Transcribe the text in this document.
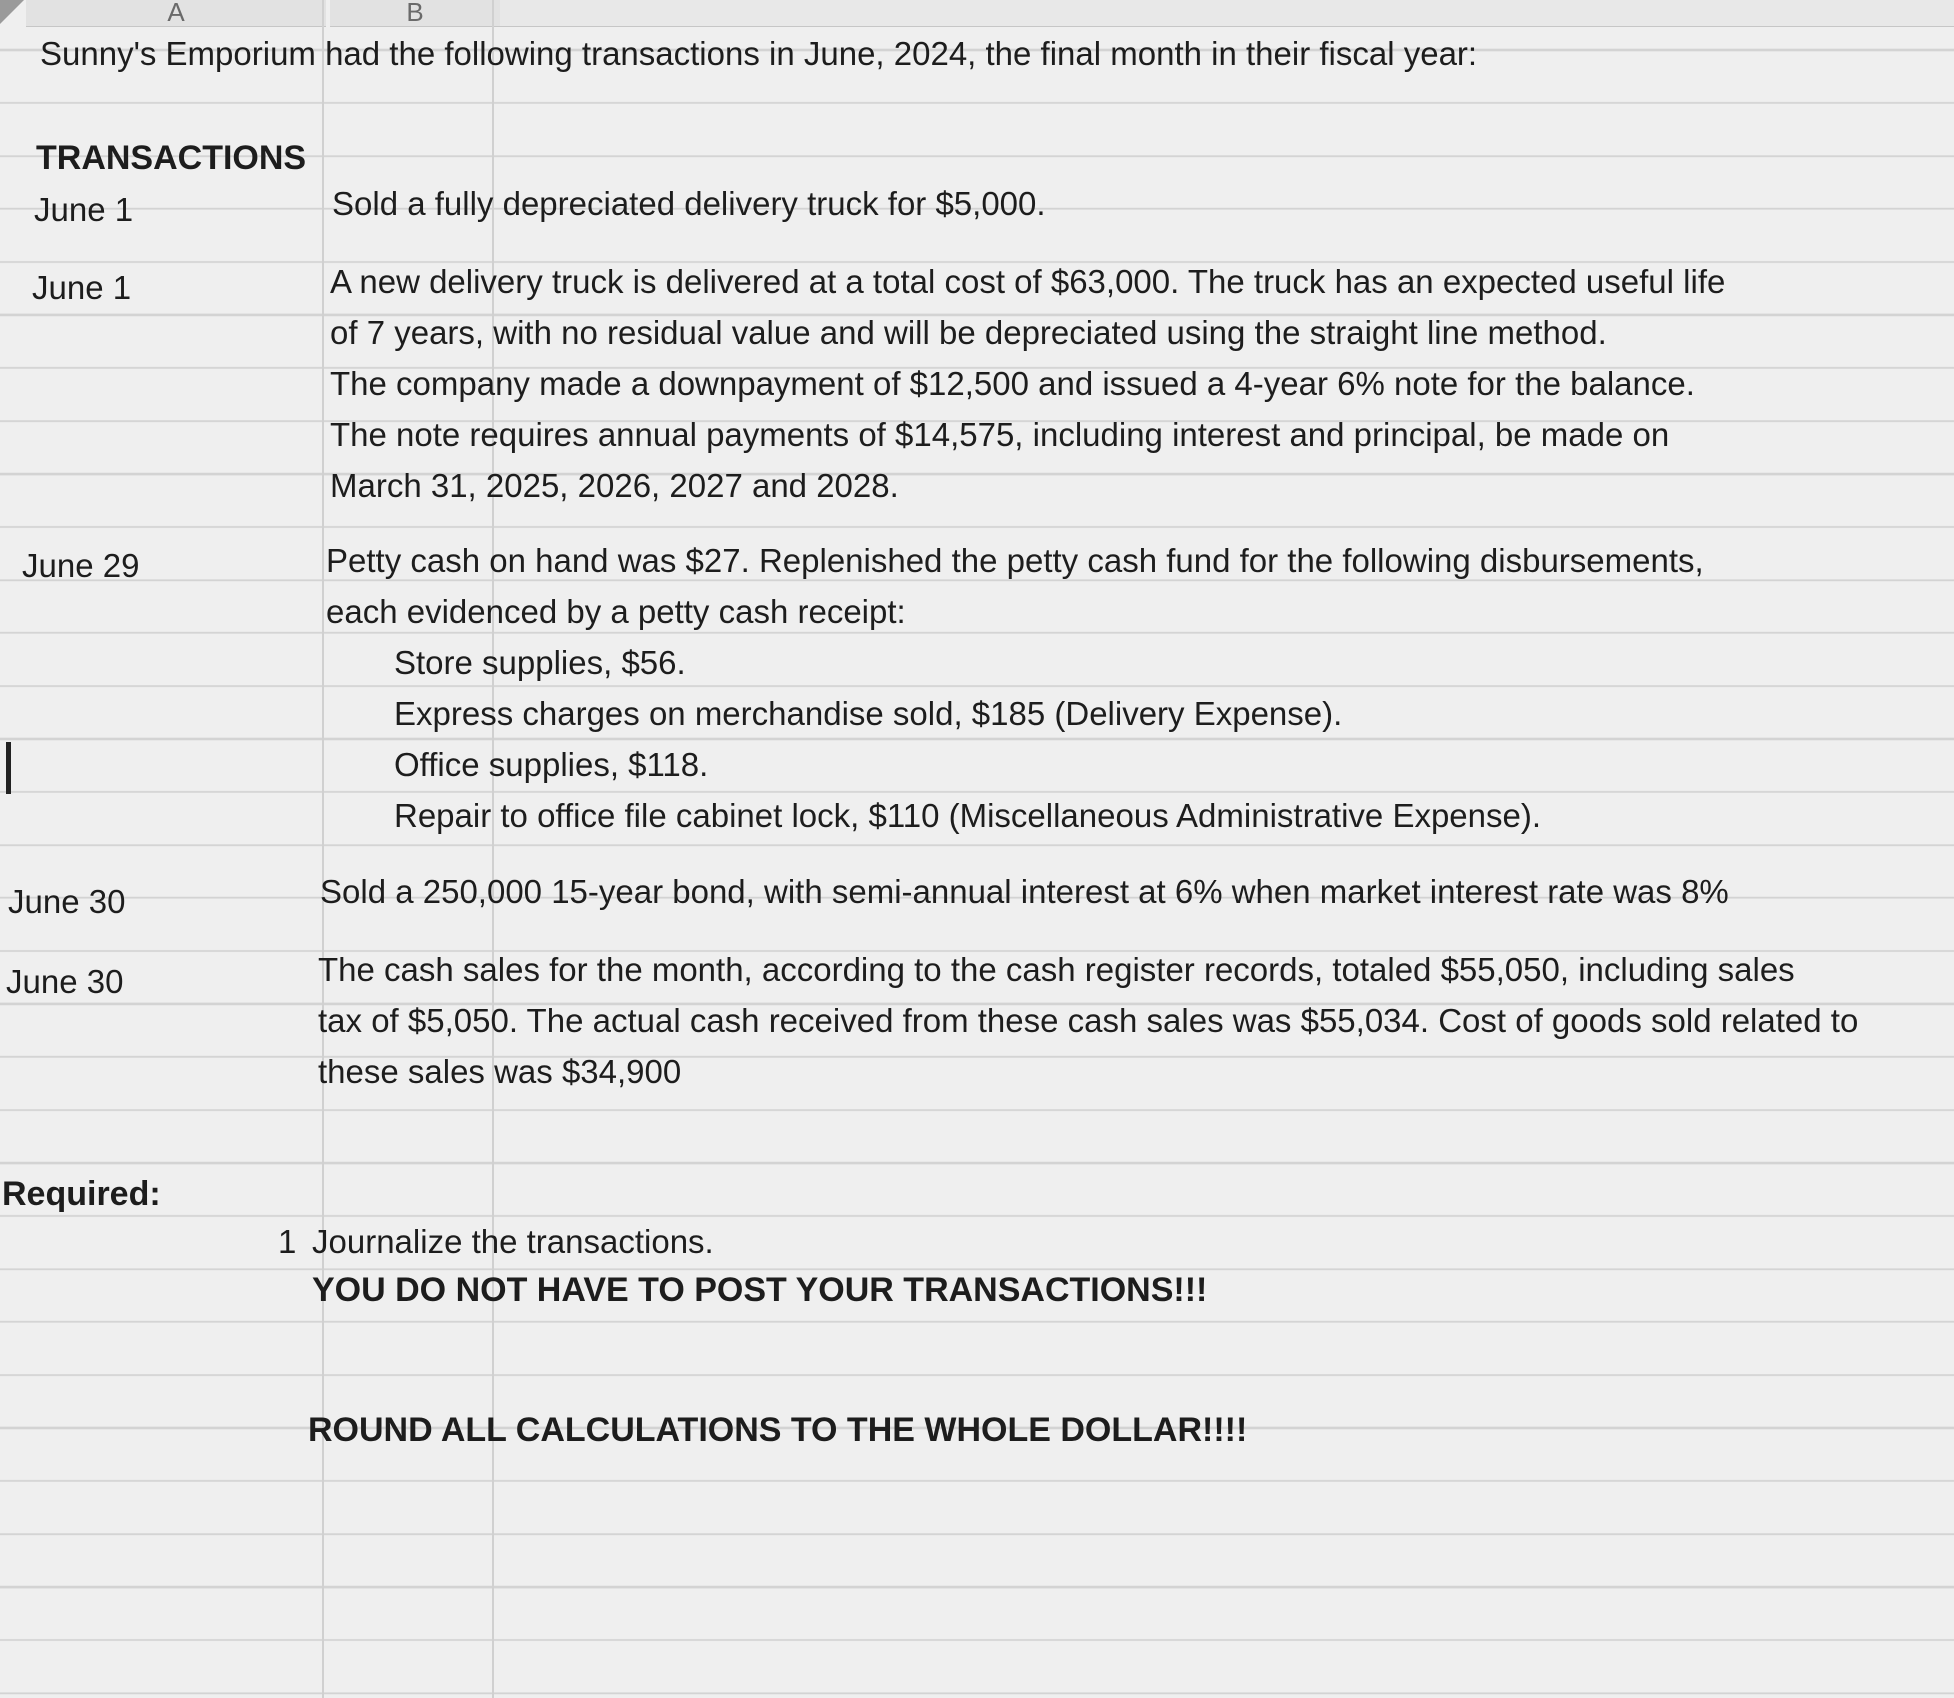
A	B

Sunny's Emporium had the following transactions in June, 2024, the final month in their fiscal year:

TRANSACTIONS

June 1	Sold a fully depreciated delivery truck for $5,000.

June 1	A new delivery truck is delivered at a total cost of $63,000. The truck has an expected useful life
of 7 years, with no residual value and will be depreciated using the straight line method.
The company made a downpayment of $12,500 and issued a 4-year 6% note for the balance.
The note requires annual payments of $14,575, including interest and principal, be made on
March 31, 2025, 2026, 2027 and 2028.

June 29	Petty cash on hand was $27. Replenished the petty cash fund for the following disbursements,
each evidenced by a petty cash receipt:
Store supplies, $56.
Express charges on merchandise sold, $185 (Delivery Expense).
Office supplies, $118.
Repair to office file cabinet lock, $110 (Miscellaneous Administrative Expense).

June 30	Sold a 250,000 15-year bond, with semi-annual interest at 6% when market interest rate was 8%

June 30	The cash sales for the month, according to the cash register records, totaled $55,050, including sales
tax of $5,050. The actual cash received from these cash sales was $55,034. Cost of goods sold related to
these sales was $34,900

Required:

1 Journalize the transactions.

YOU DO NOT HAVE TO POST YOUR TRANSACTIONS!!!

ROUND ALL CALCULATIONS TO THE WHOLE DOLLAR!!!!
